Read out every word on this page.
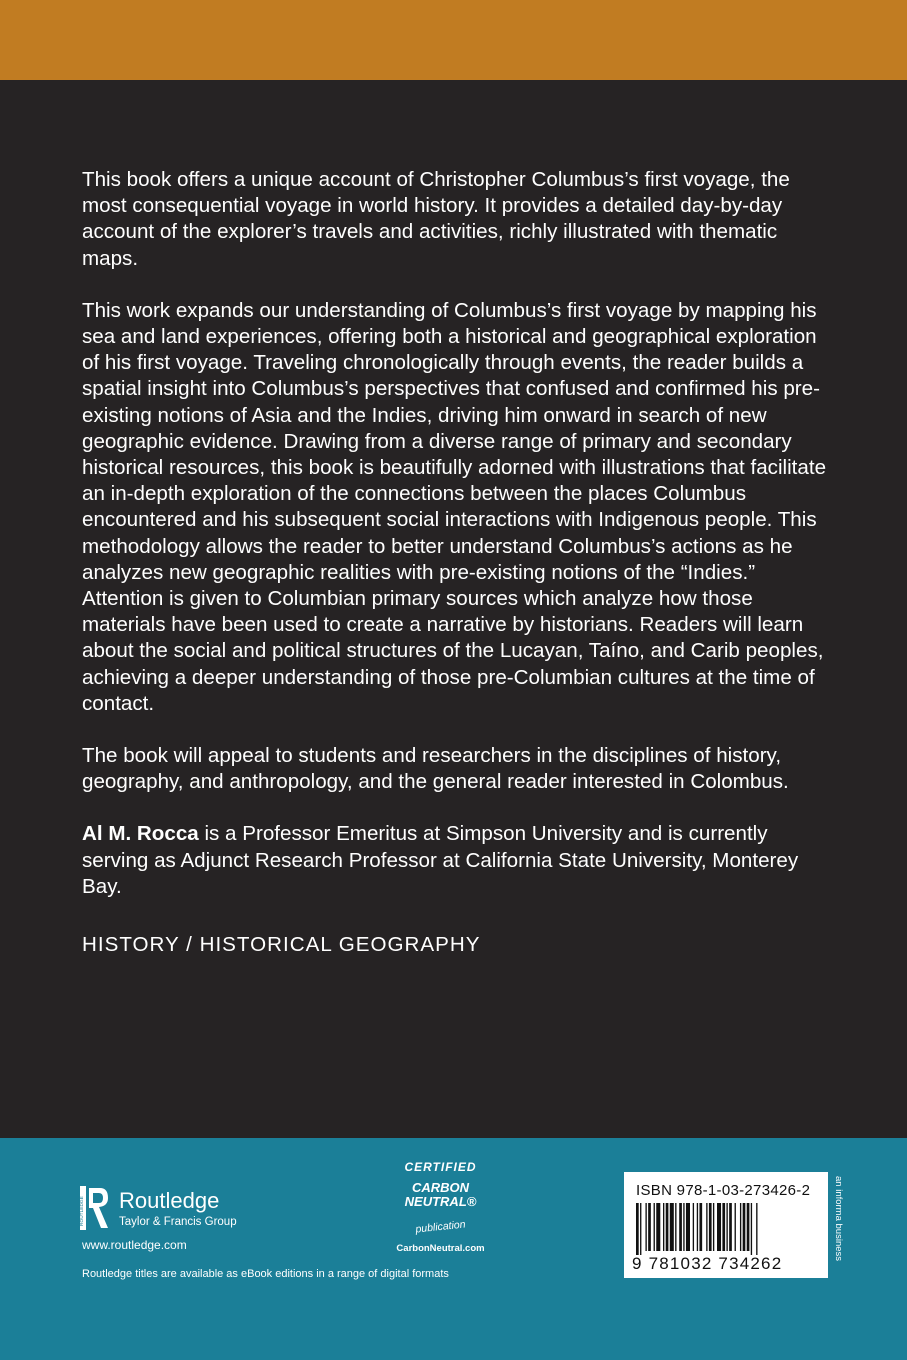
This book offers a unique account of Christopher Columbus’s first voyage, the most consequential voyage in world history. It provides a detailed day-by-day account of the explorer’s travels and activities, richly illustrated with thematic maps.

This work expands our understanding of Columbus’s first voyage by mapping his sea and land experiences, offering both a historical and geographical exploration of his first voyage. Traveling chronologically through events, the reader builds a spatial insight into Columbus’s perspectives that confused and confirmed his pre-existing notions of Asia and the Indies, driving him onward in search of new geographic evidence. Drawing from a diverse range of primary and secondary historical resources, this book is beautifully adorned with illustrations that facilitate an in-depth exploration of the connections between the places Columbus encountered and his subsequent social interactions with Indigenous people. This methodology allows the reader to better understand Columbus’s actions as he analyzes new geographic realities with pre-existing notions of the “Indies.” Attention is given to Columbian primary sources which analyze how those materials have been used to create a narrative by historians. Readers will learn about the social and political structures of the Lucayan, Taíno, and Carib peoples, achieving a deeper understanding of those pre-Columbian cultures at the time of contact.

The book will appeal to students and researchers in the disciplines of history, geography, and anthropology, and the general reader interested in Colombus.

Al M. Rocca is a Professor Emeritus at Simpson University and is currently serving as Adjunct Research Professor at California State University, Monterey Bay.

HISTORY / HISTORICAL GEOGRAPHY

ROUTLEDGE Routledge
Taylor & Francis Group
www.routledge.com
Routledge titles are available as eBook editions in a range of digital formats
CERTIFIED
CARBON
NEUTRAL®
publication
CarbonNeutral.com
ISBN 978-1-03-273426-2
9 781032 734262
an informa business
